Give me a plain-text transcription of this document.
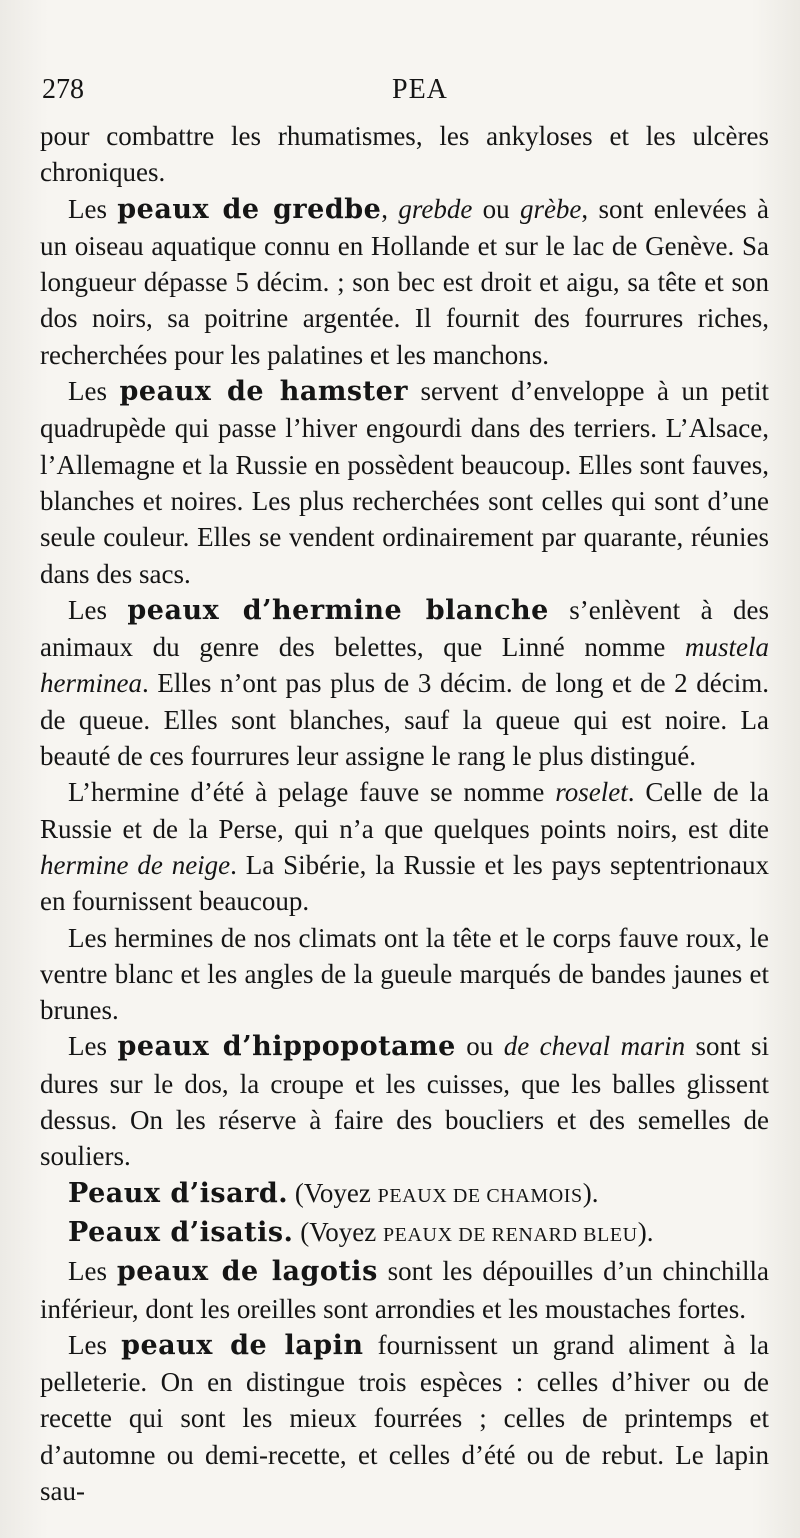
278	PEA

pour combattre les rhumatismes, les ankyloses et les ulcères chroniques.

Les peaux de gredbe, grebde ou grèbe, sont enlevées à un oiseau aquatique connu en Hollande et sur le lac de Genève. Sa longueur dépasse 5 décim. ; son bec est droit et aigu, sa tête et son dos noirs, sa poitrine argentée. Il fournit des fourrures riches, recherchées pour les palatines et les manchons.

Les peaux de hamster servent d’enveloppe à un petit quadrupède qui passe l’hiver engourdi dans des terriers. L’Alsace, l’Allemagne et la Russie en possèdent beaucoup. Elles sont fauves, blanches et noires. Les plus recherchées sont celles qui sont d’une seule couleur. Elles se vendent ordinairement par quarante, réunies dans des sacs.

Les peaux d’hermine blanche s’enlèvent à des animaux du genre des belettes, que Linné nomme mustela herminea. Elles n’ont pas plus de 3 décim. de long et de 2 décim. de queue. Elles sont blanches, sauf la queue qui est noire. La beauté de ces fourrures leur assigne le rang le plus distingué.

L’hermine d’été à pelage fauve se nomme roselet. Celle de la Russie et de la Perse, qui n’a que quelques points noirs, est dite hermine de neige. La Sibérie, la Russie et les pays septentrionaux en fournissent beaucoup.

Les hermines de nos climats ont la tête et le corps fauve roux, le ventre blanc et les angles de la gueule marqués de bandes jaunes et brunes.

Les peaux d’hippopotame ou de cheval marin sont si dures sur le dos, la croupe et les cuisses, que les balles glissent dessus. On les réserve à faire des boucliers et des semelles de souliers.

Peaux d’isard. (Voyez PEAUX DE CHAMOIS).

Peaux d’isatis. (Voyez PEAUX DE RENARD BLEU).

Les peaux de lagotis sont les dépouilles d’un chinchilla inférieur, dont les oreilles sont arrondies et les moustaches fortes.

Les peaux de lapin fournissent un grand aliment à la pelleterie. On en distingue trois espèces : celles d’hiver ou de recette qui sont les mieux fourrées ; celles de printemps et d’automne ou demi-recette, et celles d’été ou de rebut. Le lapin sau-
